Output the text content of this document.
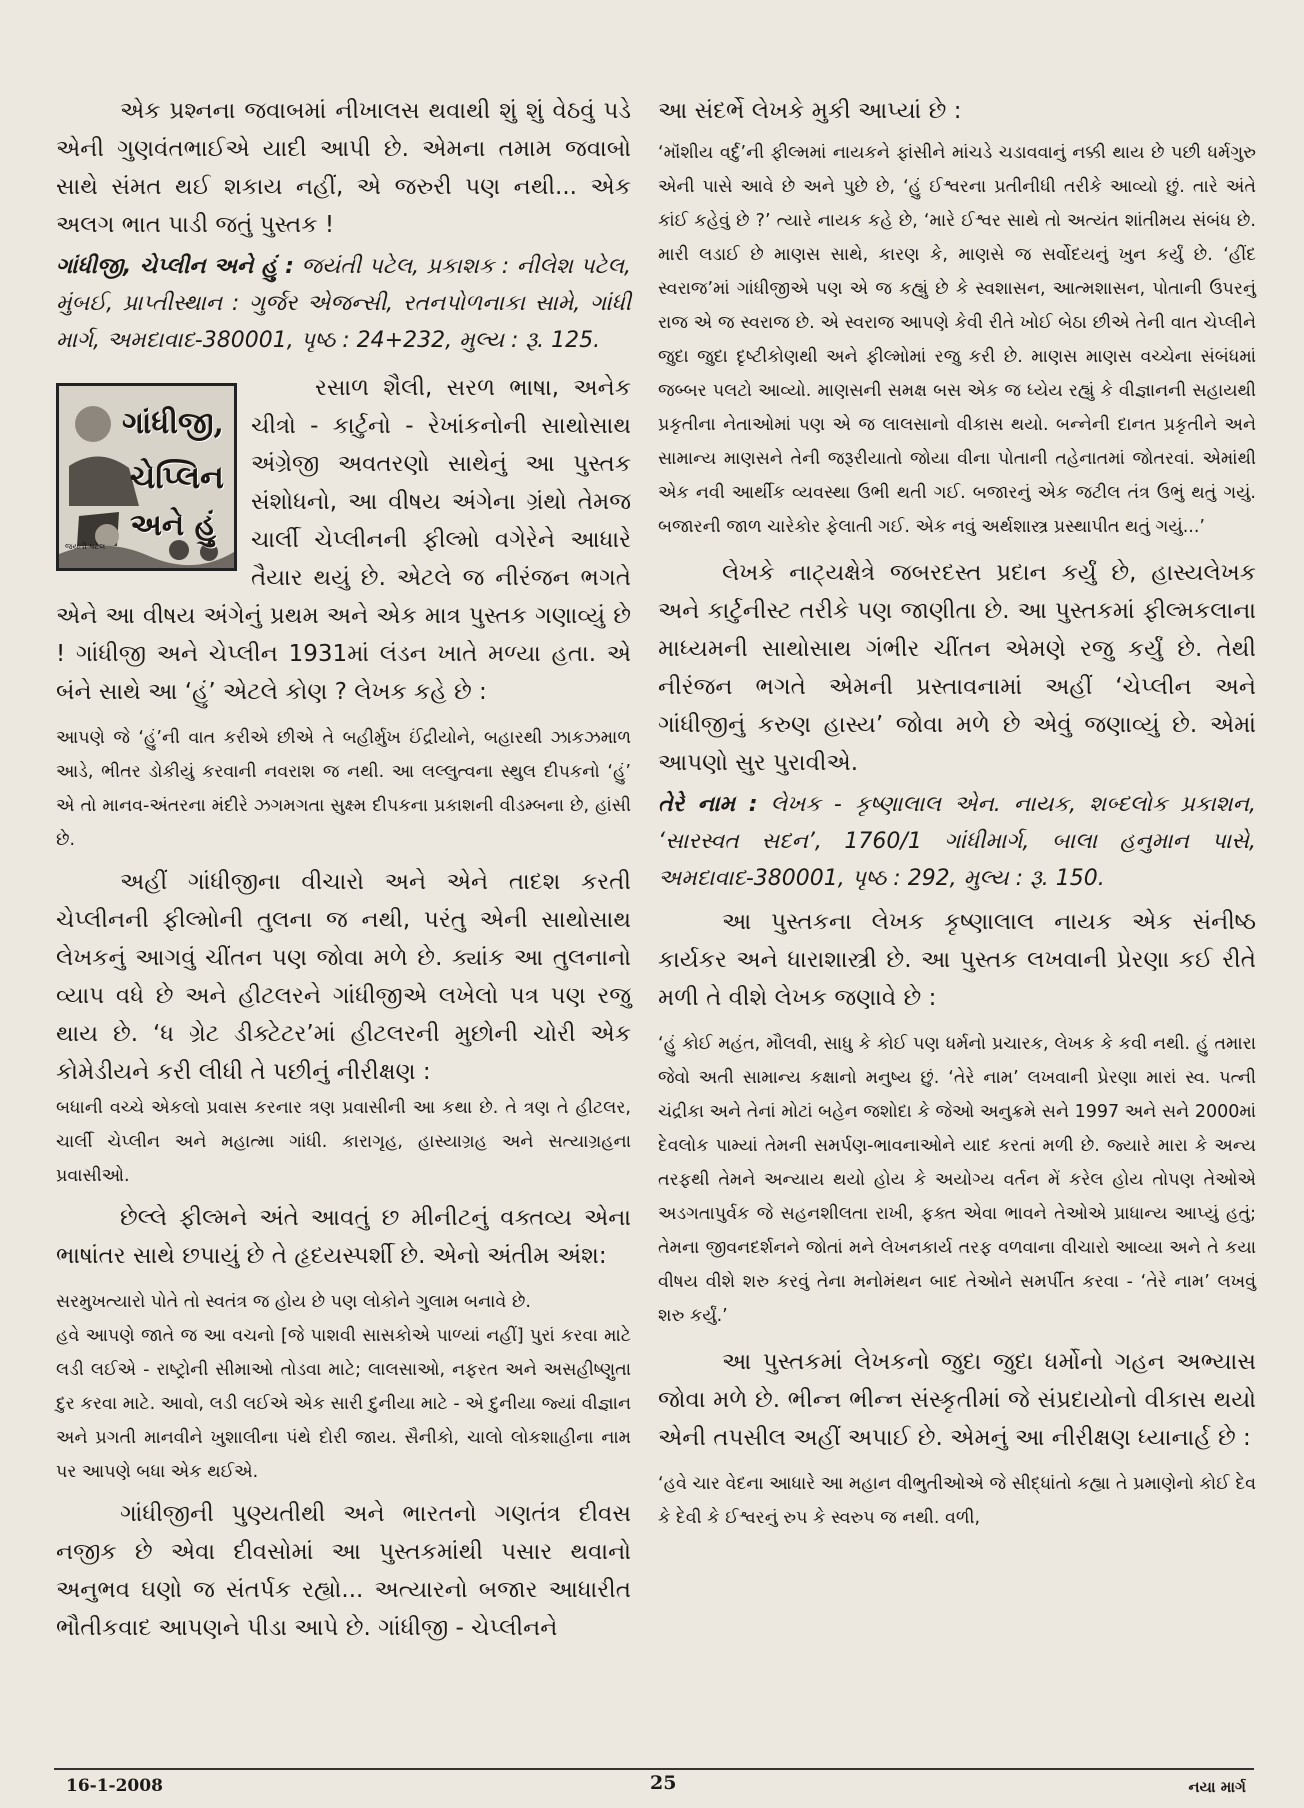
એક પ્રશ્નના જવાબમાં નીખાલસ થવાથી શું શું વેઠવું પડે એની ગુણવંતભાઈએ યાદી આપી છે. એમના તમામ જવાબો સાથે સંમત થઈ શકાય નહીં, એ જરુરી પણ નથી... એક અલગ ભાત પાડી જતું પુસ્તક !

ગાંધીજી, ચેપ્લીન અને હું : જયંતી પટેલ, પ્રકાશક : નીલેશ પટેલ, મુંબઈ, પ્રાપ્તીસ્થાન : ગુર્જર એજન્સી, રતનપોળનાકા સામે, ગાંધી માર્ગ, અમદાવાદ-380001, પૃષ્ઠ : 24+232, મુલ્ય : રૂ. 125.

ગાંધીજી,
ચેપ્લિન
અને હું
જયંતી પટેલ

રસાળ શૈલી, સરળ ભાષા, અનેક ચીત્રો - કાર્ટુનો - રેખાંકનોની સાથોસાથ અંગ્રેજી અવતરણો સાથેનું આ પુસ્તક સંશોધનો, આ વીષય અંગેના ગ્રંથો તેમજ ચાર્લી ચેપ્લીનની ફીલ્મો વગેરેને આધારે તૈયાર થયું છે. એટલે જ નીરંજન ભગતે એને આ વીષય અંગેનું પ્રથમ અને એક માત્ર પુસ્તક ગણાવ્યું છે ! ગાંધીજી અને ચેપ્લીન 1931માં લંડન ખાતે મળ્યા હતા. એ બંને સાથે આ ‘હું’ એટલે કોણ ? લેખક કહે છે :

આપણે જે ‘હું’ની વાત કરીએ છીએ તે બહીર્મુખ ઈંદ્રીયોને, બહારથી ઝાકઝમાળ આડે, ભીતર ડોકીયું કરવાની નવરાશ જ નથી. આ લલ્લુત્વના સ્થુલ દીપકનો ‘હું’ એ તો માનવ-અંતરના મંદીરે ઝગમગતા સુક્ષ્મ દીપકના પ્રકાશની વીડમ્બના છે, હાંસી છે.

અહીં ગાંધીજીના વીચારો અને એને તાદશ કરતી ચેપ્લીનની ફીલ્મોની તુલના જ નથી, પરંતુ એની સાથોસાથ લેખકનું આગવું ચીંતન પણ જોવા મળે છે. ક્યાંક આ તુલનાનો વ્યાપ વધે છે અને હીટલરને ગાંધીજીએ લખેલો પત્ર પણ રજુ થાય છે. ‘ધ ગ્રેટ ડીક્ટેટર’માં હીટલરની મુછોની ચોરી એક કોમેડીયને કરી લીધી તે પછીનું નીરીક્ષણ :

બધાની વચ્ચે એકલો પ્રવાસ કરનાર ત્રણ પ્રવાસીની આ કથા છે. તે ત્રણ તે હીટલર, ચાર્લી ચેપ્લીન અને મહાત્મા ગાંધી. કારાગૃહ, હાસ્યાગ્રહ અને સત્યાગ્રહના પ્રવાસીઓ.

છેલ્લે ફીલ્મને અંતે આવતું છ મીનીટનું વક્તવ્ય એના ભાષાંતર સાથે છપાયું છે તે હૃદયસ્પર્શી છે. એનો અંતીમ અંશ:

સરમુખત્યારો પોતે તો સ્વતંત્ર જ હોય છે પણ લોકોને ગુલામ બનાવે છે.

હવે આપણે જાતે જ આ વચનો [જે પાશવી સાસકોએ પાળ્યાં નહીં] પુરાં કરવા માટે લડી લઈએ - રાષ્ટ્રોની સીમાઓ તોડવા માટે; લાલસાઓ, નફરત અને અસહીષ્ણુતા દુર કરવા માટે. આવો, લડી લઈએ એક સારી દુનીયા માટે - એ દુનીયા જ્યાં વીજ્ઞાન અને પ્રગતી માનવીને ખુશાલીના પંથે દોરી જાય. સૈનીકો, ચાલો લોકશાહીના નામ પર આપણે બધા એક થઈએ.

ગાંધીજીની પુણ્યતીથી અને ભારતનો ગણતંત્ર દીવસ નજીક છે એવા દીવસોમાં આ પુસ્તકમાંથી પસાર થવાનો અનુભવ ઘણો જ સંતર્પક રહ્યો... અત્યારનો બજાર આધારીત ભૌતીકવાદ આપણને પીડા આપે છે. ગાંધીજી - ચેપ્લીનને

આ સંદર્ભે લેખકે મુકી આપ્યાં છે :

‘મૉંશીય વર્દુ’ની ફીલ્મમાં નાયકને ફાંસીને માંચડે ચડાવવાનું નક્કી થાય છે પછી ધર્મગુરુ એની પાસે આવે છે અને પુછે છે, ‘હું ઈશ્વરના પ્રતીનીધી તરીકે આવ્યો છું. તારે અંતે કાંઈ કહેવું છે ?’ ત્યારે નાયક કહે છે, ‘મારે ઈશ્વર સાથે તો અત્યંત શાંતીમય સંબંધ છે. મારી લડાઈ છે માણસ સાથે, કારણ કે, માણસે જ સર્વોદયનું ખુન કર્યું છે. ‘હીંદ સ્વરાજ’માં ગાંધીજીએ પણ એ જ કહ્યું છે કે સ્વશાસન, આત્મશાસન, પોતાની ઉપરનું રાજ એ જ સ્વરાજ છે. એ સ્વરાજ આપણે કેવી રીતે ખોઈ બેઠા છીએ તેની વાત ચેપ્લીને જુદા જુદા દૃષ્ટીકોણથી અને ફીલ્મોમાં રજુ કરી છે. માણસ માણસ વચ્ચેના સંબંધમાં જબ્બર પલટો આવ્યો. માણસની સમક્ષ બસ એક જ ધ્યેય રહ્યું કે વીજ્ઞાનની સહાયથી પ્રકૃતીના નેતાઓમાં પણ એ જ લાલસાનો વીકાસ થયો. બન્નેની દાનત પ્રકૃતીને અને સામાન્ય માણસને તેની જરૂરીયાતો જોયા વીના પોતાની તહેનાતમાં જોતરવાં. એમાંથી એક નવી આર્થીક વ્યવસ્થા ઉભી થતી ગઈ. બજારનું એક જટીલ તંત્ર ઉભું થતું ગયું. બજારની જાળ ચારેકોર ફેલાતી ગઈ. એક નવું અર્થશાસ્ત્ર પ્રસ્થાપીત થતું ગયું...’

લેખકે નાટ્યક્ષેત્રે જબરદસ્ત પ્રદાન કર્યું છે, હાસ્યલેખક અને કાર્ટુનીસ્ટ તરીકે પણ જાણીતા છે. આ પુસ્તકમાં ફીલ્મકલાના માધ્યમની સાથોસાથ ગંભીર ચીંતન એમણે રજુ કર્યું છે. તેથી નીરંજન ભગતે એમની પ્રસ્તાવનામાં અહીં ‘ચેપ્લીન અને ગાંધીજીનું કરુણ હાસ્ય’ જોવા મળે છે એવું જણાવ્યું છે. એમાં આપણો સુર પુરાવીએ.

તેરે નામ : લેખક - કૃષ્ણાલાલ એન. નાયક, શબ્દલોક પ્રકાશન, ‘સારસ્વત સદન’, 1760/1 ગાંધીમાર્ગ, બાલા હનુમાન પાસે, અમદાવાદ-380001, પૃષ્ઠ : 292, મુલ્ય : રૂ. 150.

આ પુસ્તકના લેખક કૃષ્ણાલાલ નાયક એક સંનીષ્ઠ કાર્યકર અને ધારાશાસ્ત્રી છે. આ પુસ્તક લખવાની પ્રેરણા કઈ રીતે મળી તે વીશે લેખક જણાવે છે :

‘હું કોઈ મહંત, મૌલવી, સાધુ કે કોઈ પણ ધર્મનો પ્રચારક, લેખક કે કવી નથી. હું તમારા જેવો અતી સામાન્ય કક્ષાનો મનુષ્ય છું. ‘તેરે નામ’ લખવાની પ્રેરણા મારાં સ્વ. પત્ની ચંદ્રીકા અને તેનાં મોટાં બહેન જશોદા કે જેઓ અનુક્રમે સને 1997 અને સને 2000માં દેવલોક પામ્યાં તેમની સમર્પણ-ભાવનાઓને યાદ કરતાં મળી છે. જ્યારે મારા કે અન્ય તરફથી તેમને અન્યાય થયો હોય કે અયોગ્ય વર્તન મેં કરેલ હોય તોપણ તેઓએ અડગતાપુર્વક જે સહનશીલતા રાખી, ફક્ત એવા ભાવને તેઓએ પ્રાધાન્ય આપ્યું હતું; તેમના જીવનદર્શનને જોતાં મને લેખનકાર્ય તરફ વળવાના વીચારો આવ્યા અને તે કયા વીષય વીશે શરુ કરવું તેના મનોમંથન બાદ તેઓને સમર્પીત કરવા - ‘તેરે નામ’ લખવું શરુ કર્યું.’

આ પુસ્તકમાં લેખકનો જુદા જુદા ધર્મોનો ગહન અભ્યાસ જોવા મળે છે. ભીન્ન ભીન્ન સંસ્કૃતીમાં જે સંપ્રદાયોનો વીકાસ થયો એની તપસીલ અહીં અપાઈ છે. એમનું આ નીરીક્ષણ ધ્યાનાર્હ છે :

‘હવે ચાર વેદના આધારે આ મહાન વીભુતીઓએ જે સીદ્ધાંતો કહ્યા તે પ્રમાણેનો કોઈ દેવ કે દેવી કે ઈશ્વરનું રુપ કે સ્વરુપ જ નથી. વળી,

16-1-2008	25	નયા માર્ગ
